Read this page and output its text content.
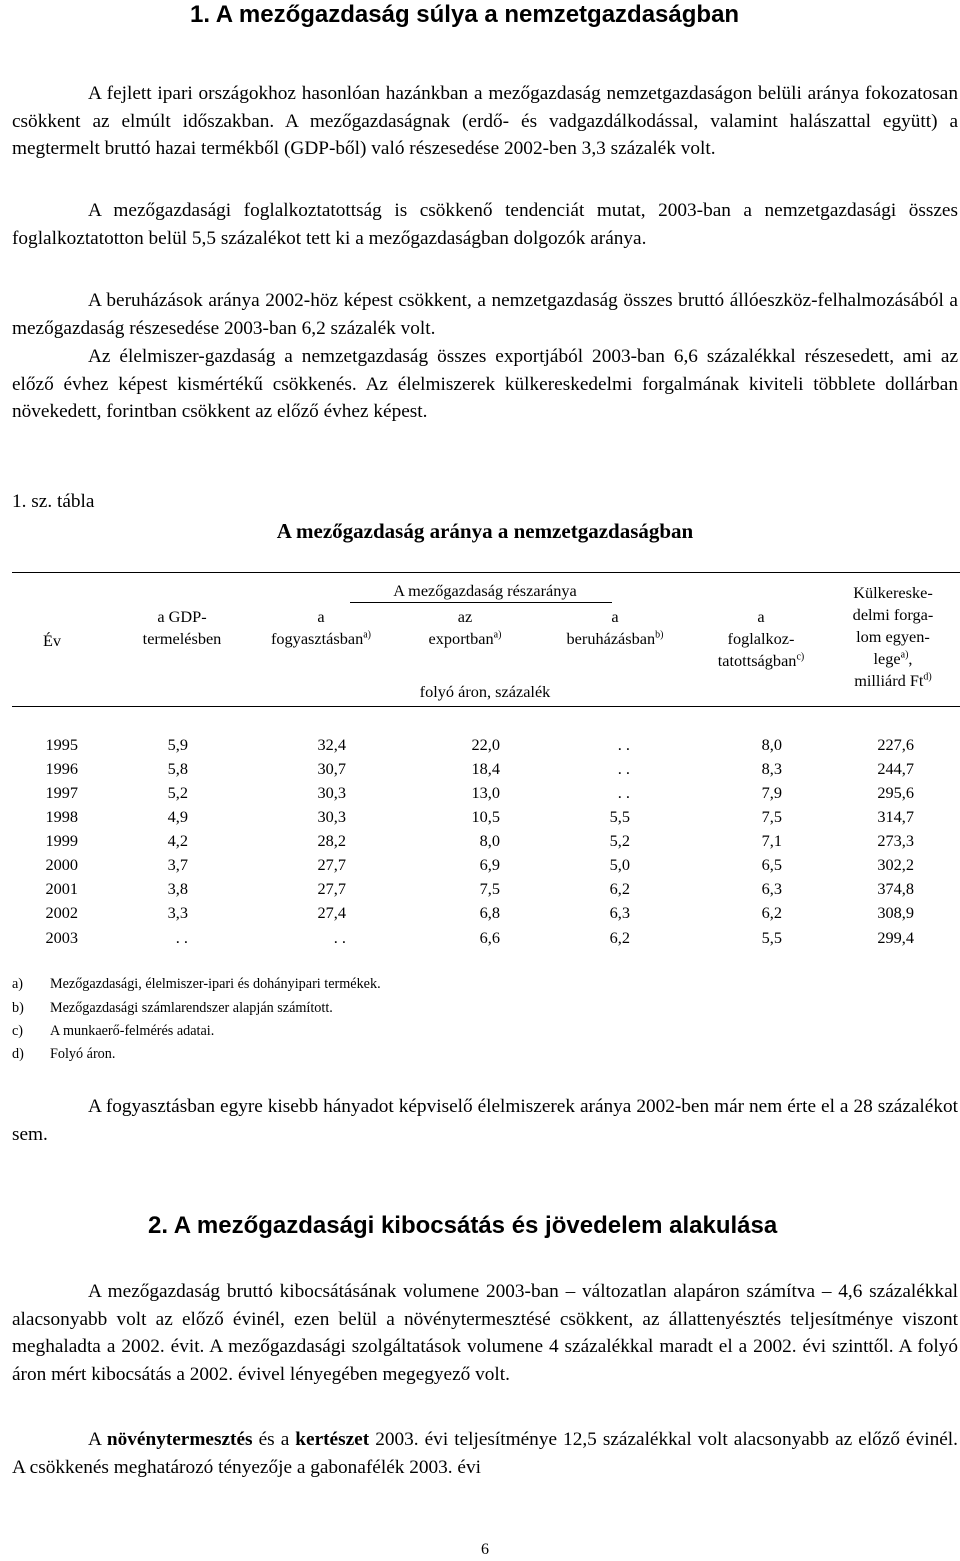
1. A mezőgazdaság súlya a nemzetgazdaságban

A fejlett ipari országokhoz hasonlóan hazánkban a mezőgazdaság nemzetgazdaságon belüli aránya fokozatosan csökkent az elmúlt időszakban. A mezőgazdaságnak (erdő- és vadgazdálkodással, valamint halászattal együtt) a megtermelt bruttó hazai termékből (GDP-ből) való részesedése 2002-ben 3,3 százalék volt.

A mezőgazdasági foglalkoztatottság is csökkenő tendenciát mutat, 2003-ban a nemzetgazdasági összes foglalkoztatotton belül 5,5 százalékot tett ki a mezőgazdaságban dolgozók aránya.

A beruházások aránya 2002-höz képest csökkent, a nemzetgazdaság összes bruttó állóeszköz-felhalmozásából a mezőgazdaság részesedése 2003-ban 6,2 százalék volt.

Az élelmiszer-gazdaság a nemzetgazdaság összes exportjából 2003-ban 6,6 százalékkal részesedett, ami az előző évhez képest kismértékű csökkenés. Az élelmiszerek külkereskedelmi forgalmának kiviteli többlete dollárban növekedett, forintban csökkent az előző évhez képest.

1. sz. tábla
A mezőgazdaság aránya a nemzetgazdaságban
Év
A mezőgazdaság részaránya
a GDP-
termelésben
a
fogyasztásban$^{a)}$
az
exportban$^{a)}$
a
beruházásban$^{b)}$
a
foglalkoz-
tatottságban$^{c)}$
Külkereske-
delmi forga-
lom egyen-
lege$^{a)}$,
milliárd Ft$^{d)}$
folyó áron, százalék
1995	5,9	32,4	22,0	. .	8,0	227,6
1996	5,8	30,7	18,4	. .	8,3	244,7
1997	5,2	30,3	13,0	. .	7,9	295,6
1998	4,9	30,3	10,5	5,5	7,5	314,7
1999	4,2	28,2	8,0	5,2	7,1	273,3
2000	3,7	27,7	6,9	5,0	6,5	302,2
2001	3,8	27,7	7,5	6,2	6,3	374,8
2002	3,3	27,4	6,8	6,3	6,2	308,9
2003	. .	. .	6,6	6,2	5,5	299,4
a) Mezőgazdasági, élelmiszer-ipari és dohányipari termékek.
b) Mezőgazdasági számlarendszer alapján számított.
c) A munkaerő-felmérés adatai.
d) Folyó áron.

A fogyasztásban egyre kisebb hányadot képviselő élelmiszerek aránya 2002-ben már nem érte el a 28 százalékot sem.

2. A mezőgazdasági kibocsátás és jövedelem alakulása

A mezőgazdaság bruttó kibocsátásának volumene 2003-ban – változatlan alapáron számítva – 4,6 százalékkal alacsonyabb volt az előző évinél, ezen belül a növénytermesztésé csökkent, az állattenyésztés teljesítménye viszont meghaladta a 2002. évit. A mezőgazdasági szolgáltatások volumene 4 százalékkal maradt el a 2002. évi szinttől. A folyó áron mért kibocsátás a 2002. évivel lényegében megegyező volt.

A növénytermesztés és a kertészet 2003. évi teljesítménye 12,5 százalékkal volt alacsonyabb az előző évinél. A csökkenés meghatározó tényezője a gabonafélék 2003. évi

6
